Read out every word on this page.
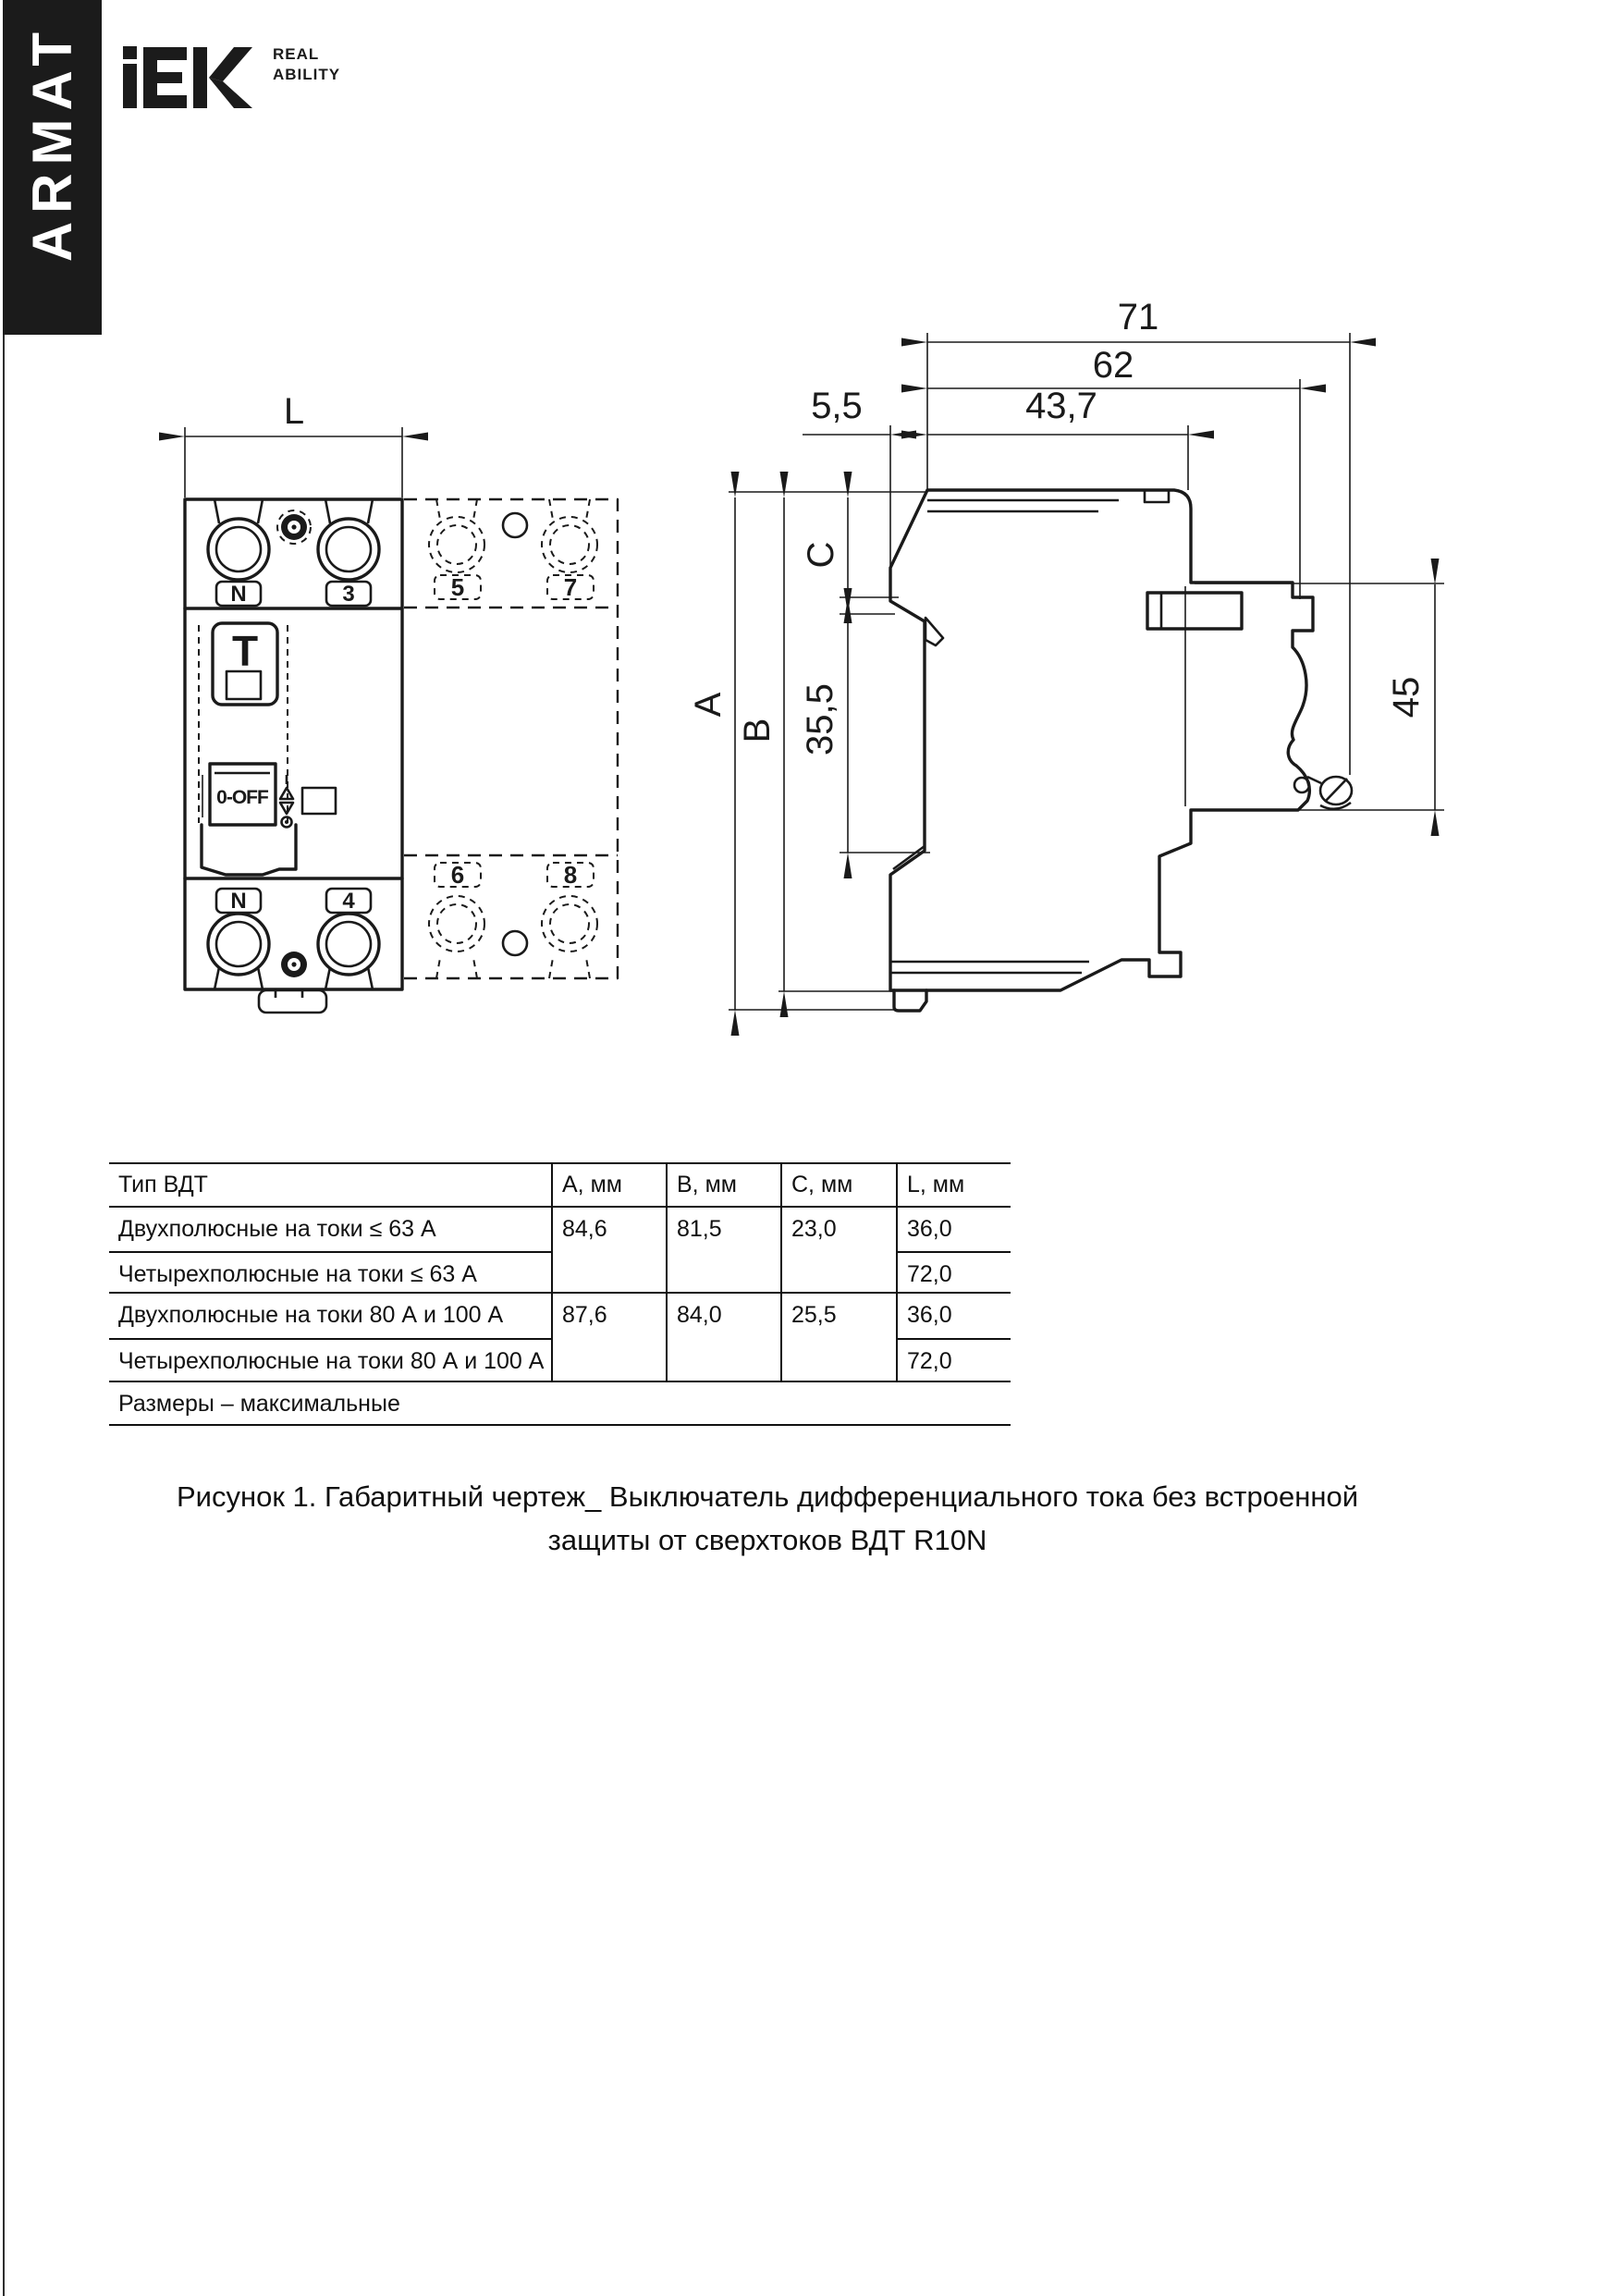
ARMAT	REAL
ABILITY
L
N	3
T
0-OFF
N	4
5	7
6	8
71
62
5,5	43,7
A
B
C
35,5	45
Тип ВДТ	A, мм	B, мм	C, мм	L, мм
Двухполюсные на токи ≤ 63 А	84,6	81,5	23,0	36,0
Четырехполюсные на токи ≤ 63 А				72,0
Двухполюсные на токи 80 А и 100 А	87,6	84,0	25,5	36,0
Четырехполюсные на токи 80 А и 100 А				72,0
Размеры – максимальные				
Рисунок 1. Габаритный чертеж_ Выключатель дифференциального тока без встроенной
защиты от сверхтоков ВДТ R10N
